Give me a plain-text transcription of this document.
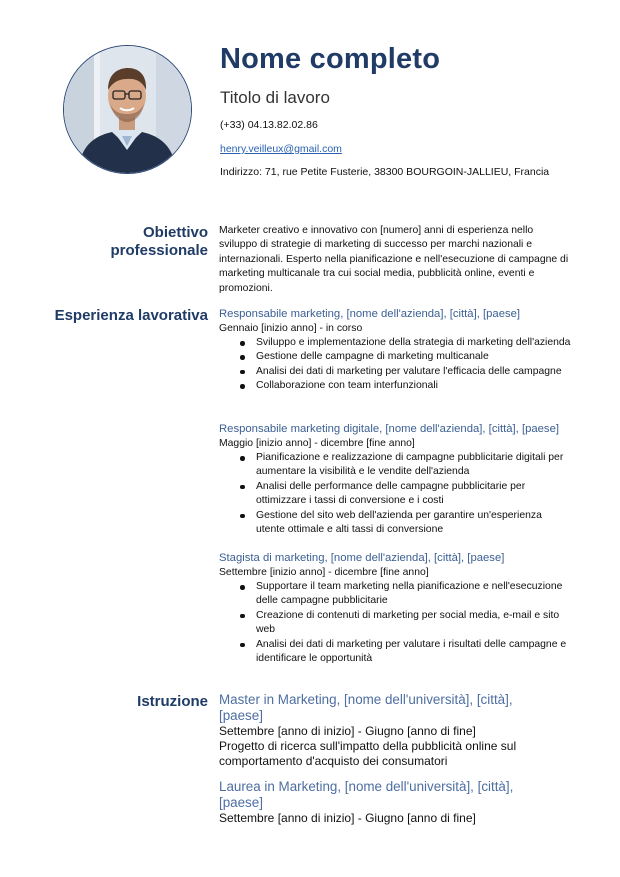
Nome completo
Titolo di lavoro
(+33) 04.13.82.02.86
henry.veilleux@gmail.com
Indirizzo: 71, rue Petite Fusterie, 38300 BOURGOIN-JALLIEU, Francia
Obiettivo professionale
Marketer creativo e innovativo con [numero] anni di esperienza nello sviluppo di strategie di marketing di successo per marchi nazionali e internazionali. Esperto nella pianificazione e nell'esecuzione di campagne di marketing multicanale tra cui social media, pubblicità online, eventi e promozioni.
Esperienza lavorativa Responsabile marketing, [nome dell'azienda], [città], [paese]
Gennaio [inizio anno] - in corso
Sviluppo e implementazione della strategia di marketing dell'azienda
Gestione delle campagne di marketing multicanale
Analisi dei dati di marketing per valutare l'efficacia delle campagne
Collaborazione con team interfunzionali
Responsabile marketing digitale, [nome dell'azienda], [città], [paese]
Maggio [inizio anno] - dicembre [fine anno]
Pianificazione e realizzazione di campagne pubblicitarie digitali per aumentare la visibilità e le vendite dell'azienda
Analisi delle performance delle campagne pubblicitarie per ottimizzare i tassi di conversione e i costi
Gestione del sito web dell'azienda per garantire un'esperienza utente ottimale e alti tassi di conversione
Stagista di marketing, [nome dell'azienda], [città], [paese]
Settembre [inizio anno] - dicembre [fine anno]
Supportare il team marketing nella pianificazione e nell'esecuzione delle campagne pubblicitarie
Creazione di contenuti di marketing per social media, e-mail e sito web
Analisi dei dati di marketing per valutare i risultati delle campagne e identificare le opportunità
Istruzione Master in Marketing, [nome dell'università], [città], [paese]
Settembre [anno di inizio] - Giugno [anno di fine]
Progetto di ricerca sull'impatto della pubblicità online sul comportamento d'acquisto dei consumatori
Laurea in Marketing, [nome dell'università], [città], [paese]
Settembre [anno di inizio] - Giugno [anno di fine]
